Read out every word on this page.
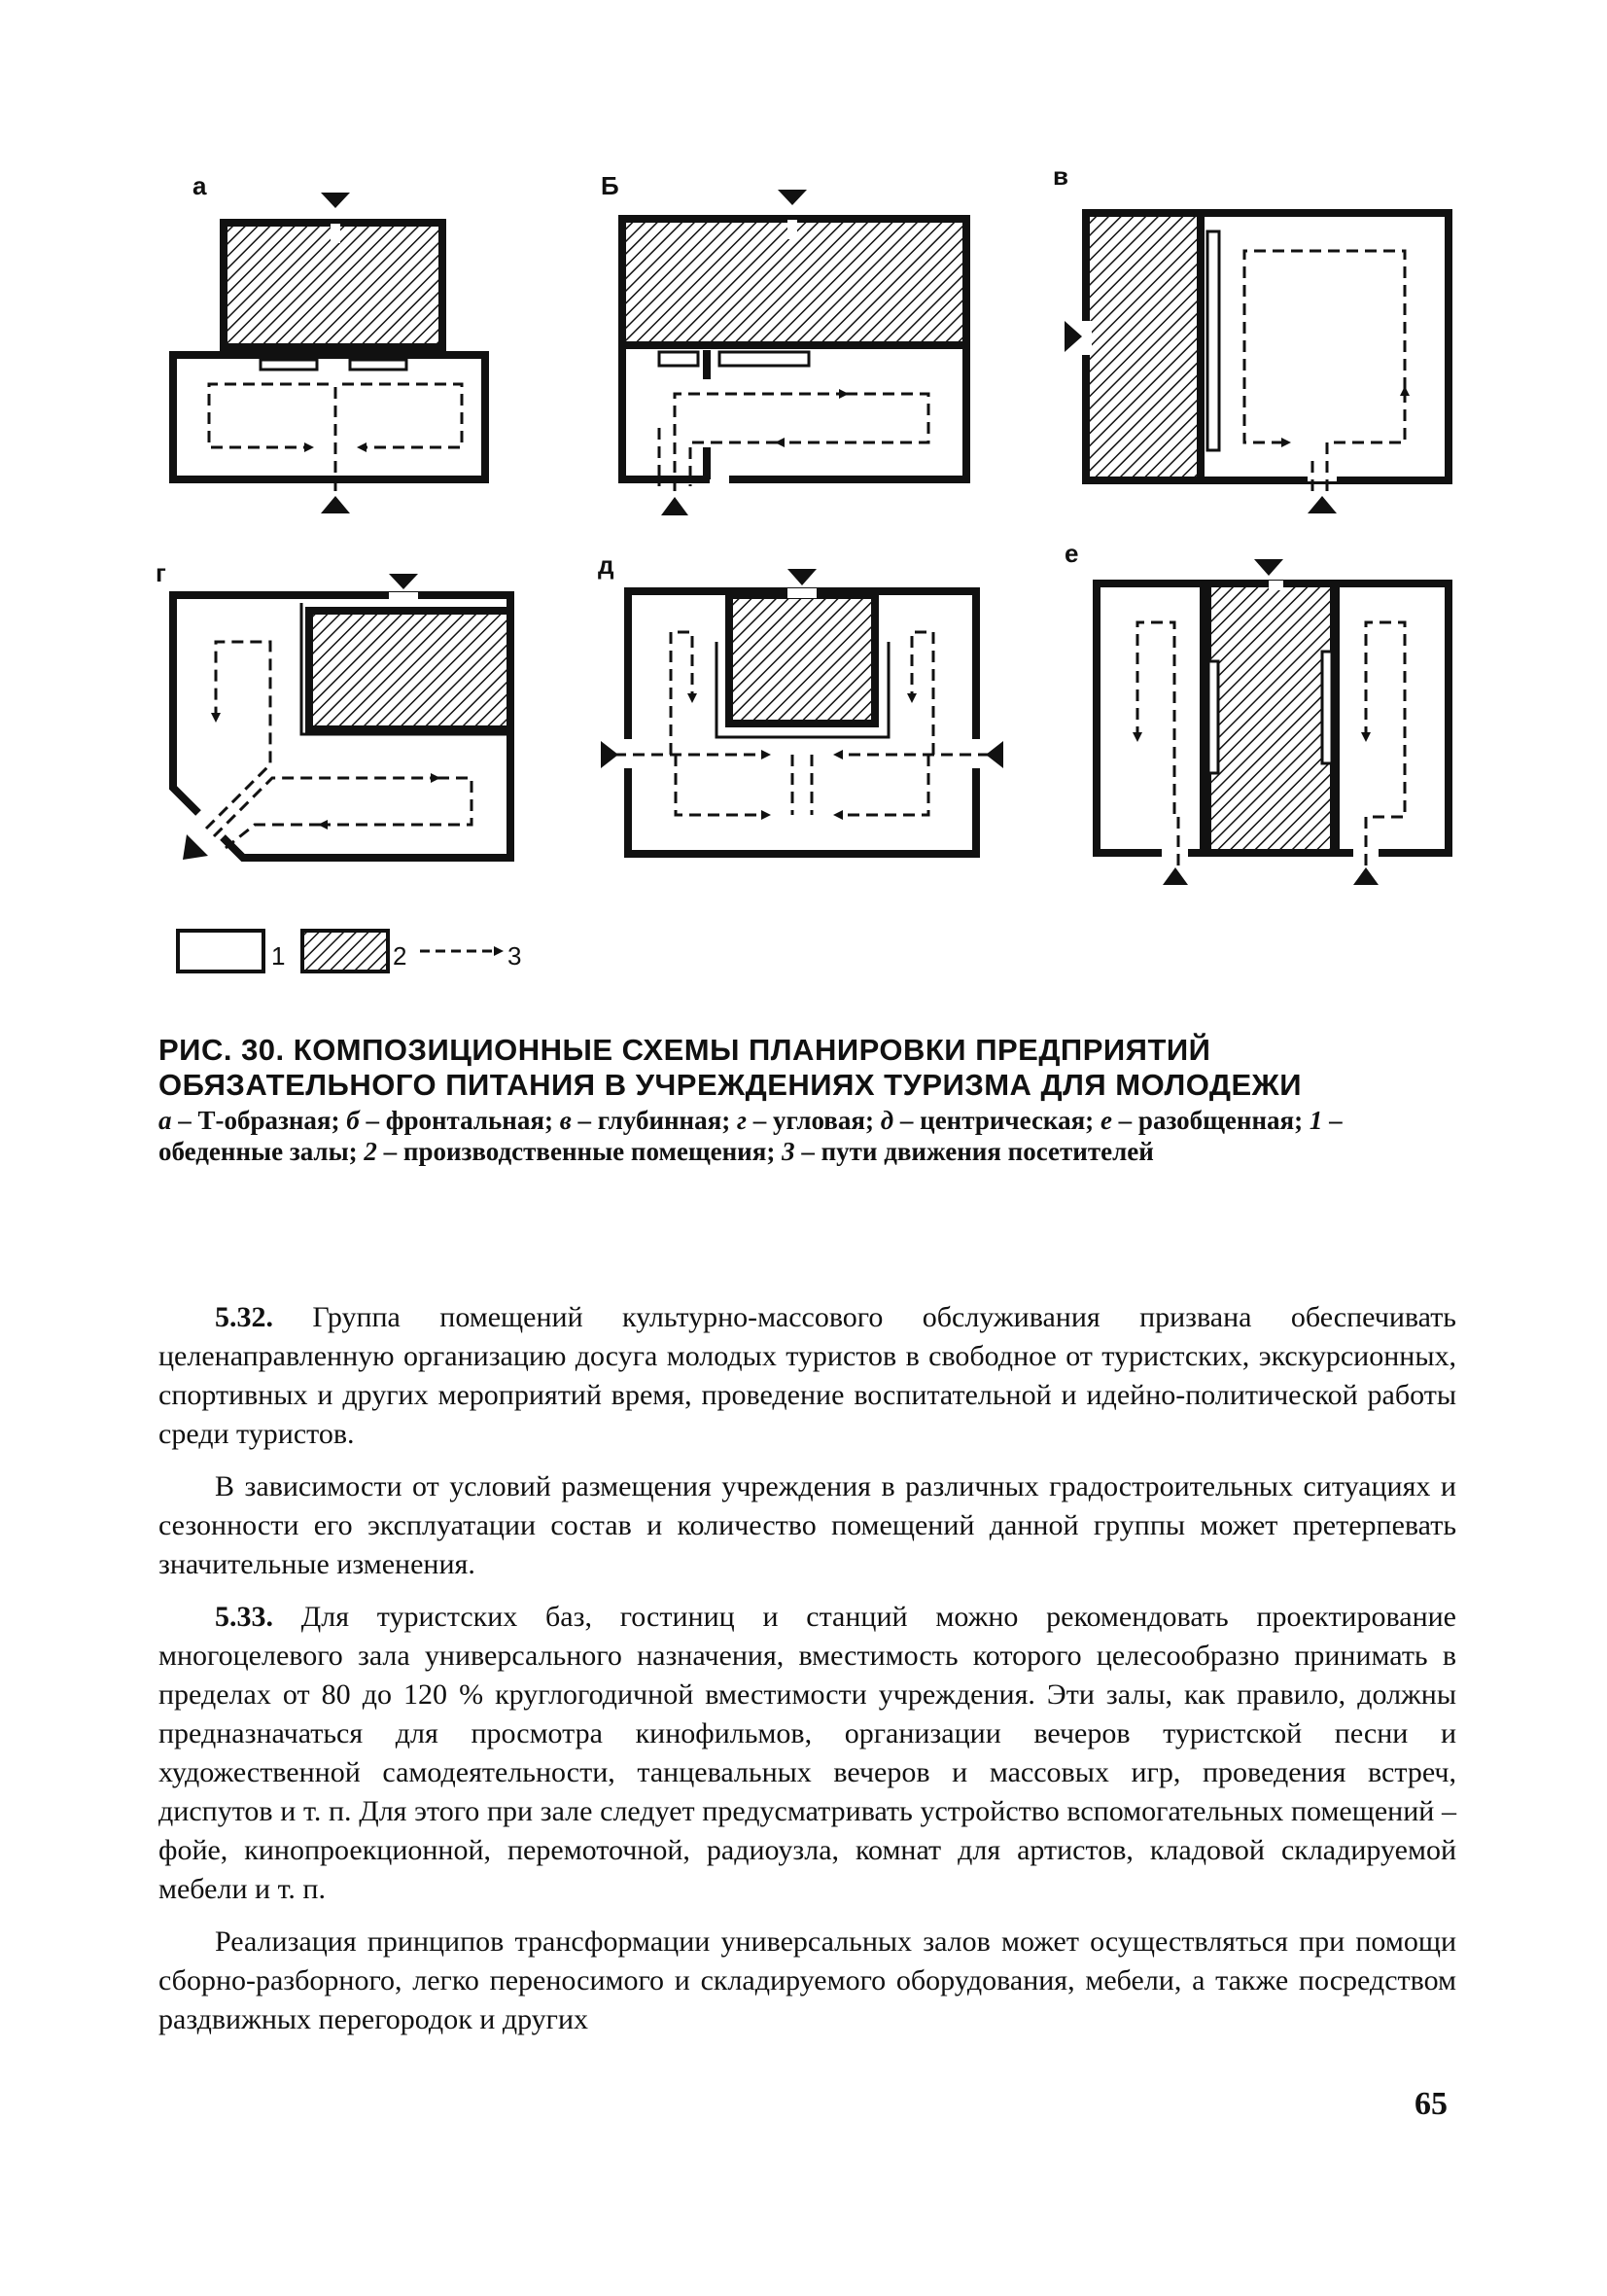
а	Б	в
г	д	е
1	2	3

РИС. 30. КОМПОЗИЦИОННЫЕ СХЕМЫ ПЛАНИРОВКИ ПРЕДПРИЯТИЙ ОБЯЗАТЕЛЬНОГО ПИТАНИЯ В УЧРЕЖДЕНИЯХ ТУРИЗМА ДЛЯ МОЛОДЕЖИ

а – Т-образная; б – фронтальная; в – глубинная; г – угловая; д – центрическая; е – разобщенная; 1 – обеденные залы; 2 – производственные помещения; 3 – пути движения посетителей

5.32. Группа помещений культурно-массового обслуживания призвана обеспечивать целенаправленную организацию досуга молодых туристов в свободное от туристских, экскурсионных, спортивных и других мероприятий время, проведение воспитательной и идейно-политической работы среди туристов.

В зависимости от условий размещения учреждения в различных градостроительных ситуациях и сезонности его эксплуатации состав и количество помещений данной группы может претерпевать значительные изменения.

5.33. Для туристских баз, гостиниц и станций можно рекомендовать проектирование многоцелевого зала универсального назначения, вместимость которого целесообразно принимать в пределах от 80 до 120 % круглогодичной вместимости учреждения. Эти залы, как правило, должны предназначаться для просмотра кинофильмов, организации вечеров туристской песни и художественной самодеятельности, танцевальных вечеров и массовых игр, проведения встреч, диспутов и т. п. Для этого при зале следует предусматривать устройство вспомогательных помещений – фойе, кинопроекционной, перемоточной, радиоузла, комнат для артистов, кладовой складируемой мебели и т. п.

Реализация принципов трансформации универсальных залов может осуществляться при помощи сборно-разборного, легко переносимого и складируемого оборудования, мебели, а также посредством раздвижных перегородок и других

65
